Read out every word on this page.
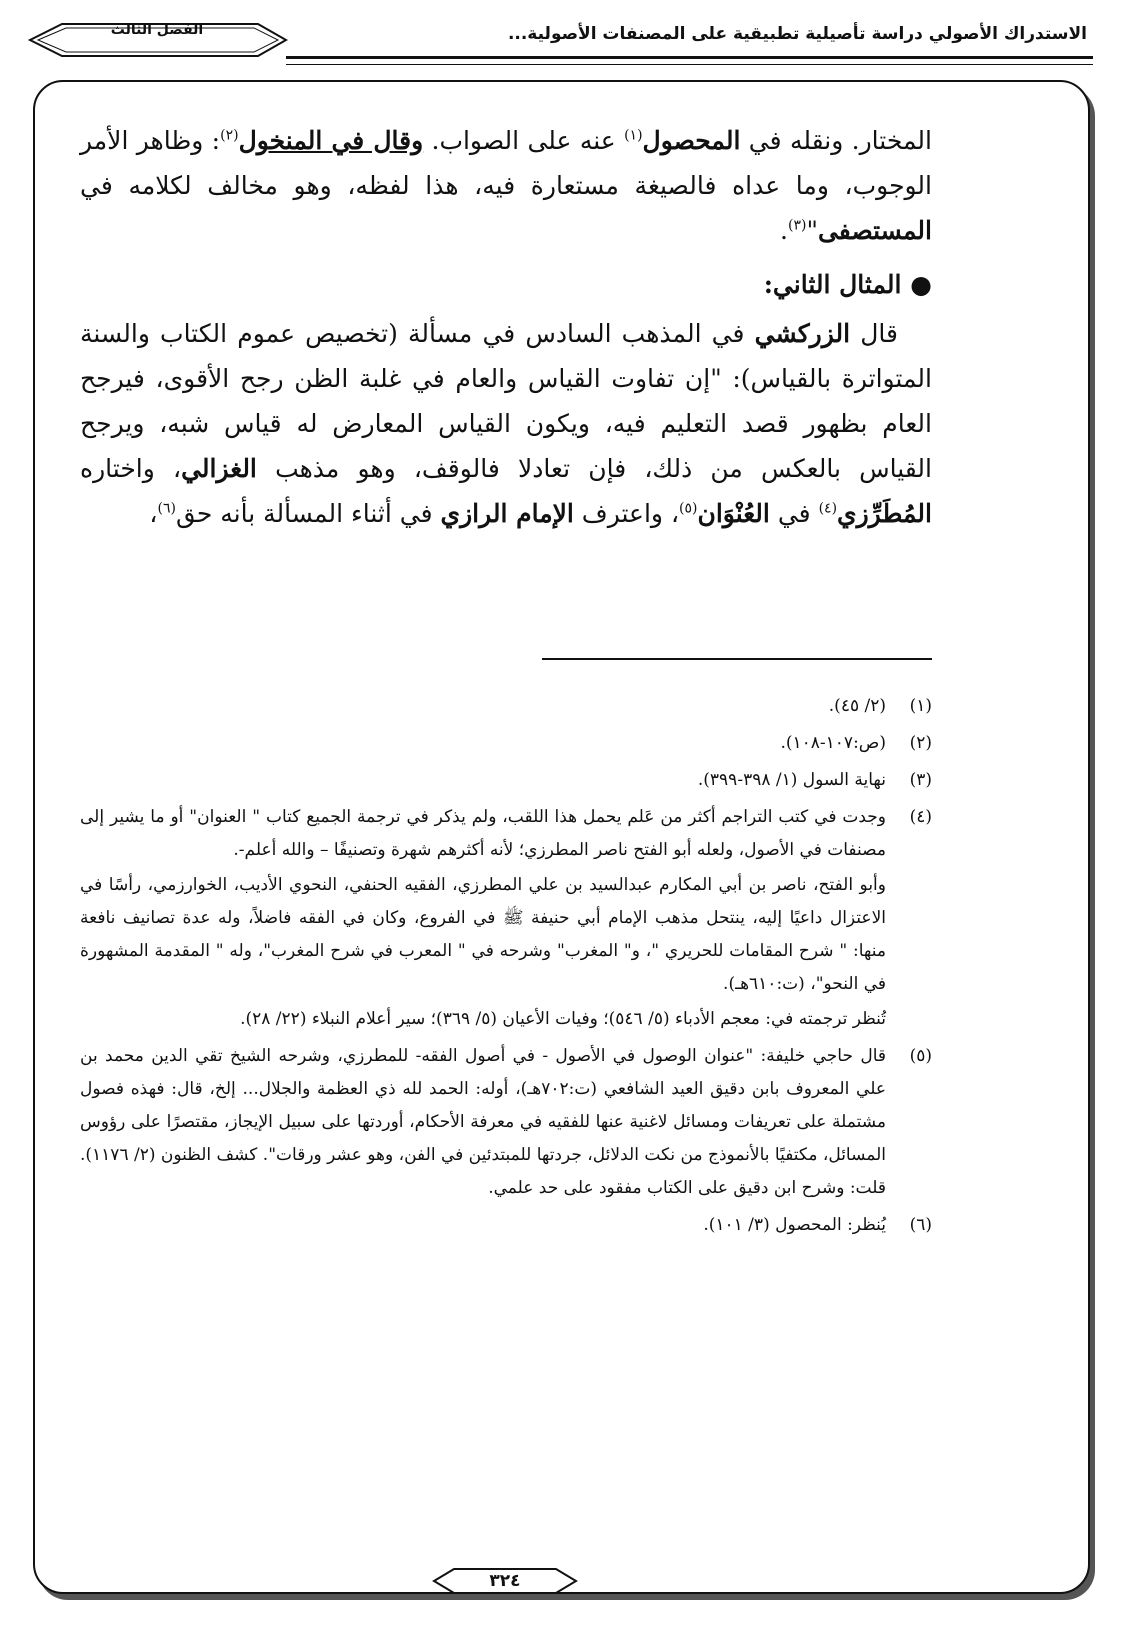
الاستدراك الأصولي دراسة تأصيلية تطبيقية على المصنفات الأصولية...
الفصل الثالث

المختار. ونقله في المحصول$^{(١)}$ عنه على الصواب. وقال في المنخول$^{(٢)}$: وظاهر الأمر الوجوب، وما عداه فالصيغة مستعارة فيه، هذا لفظه، وهو مخالف لكلامه في المستصفى"$^{(٣)}$.

● المثال الثاني:

قال الزركشي في المذهب السادس في مسألة (تخصيص عموم الكتاب والسنة المتواترة بالقياس): "إن تفاوت القياس والعام في غلبة الظن رجح الأقوى، فيرجح العام بظهور قصد التعليم فيه، ويكون القياس المعارض له قياس شبه، ويرجح القياس بالعكس من ذلك، فإن تعادلا فالوقف، وهو مذهب الغزالي، واختاره المُطَرِّزي$^{(٤)}$ في العُنْوَان$^{(٥)}$، واعترف الإمام الرازي في أثناء المسألة بأنه حق$^{(٦)}$،

(١)

(٢/ ٤٥).

(٢)

(ص:١٠٧-١٠٨).

(٣)

نهاية السول (١/ ٣٩٨-٣٩٩).

(٤)

وجدت في كتب التراجم أكثر من عَلم يحمل هذا اللقب، ولم يذكر في ترجمة الجميع كتاب " العنوان" أو ما يشير إلى مصنفات في الأصول، ولعله أبو الفتح ناصر المطرزي؛ لأنه أكثرهم شهرة وتصنيفًا – والله أعلم-.

وأبو الفتح، ناصر بن أبي المكارم عبدالسيد بن علي المطرزي، الفقيه الحنفي، النحوي الأديب، الخوارزمي، رأسًا في الاعتزال داعيًا إليه، ينتحل مذهب الإمام أبي حنيفة ﷺ في الفروع، وكان في الفقه فاضلاً، وله عدة تصانيف نافعة منها: " شرح المقامات للحريري "، و" المغرب" وشرحه في " المعرب في شرح المغرب"، وله " المقدمة المشهورة في النحو"، (ت:٦١٠هـ).

تُنظر ترجمته في: معجم الأدباء (٥/ ٥٤٦)؛ وفيات الأعيان (٥/ ٣٦٩)؛ سير أعلام النبلاء (٢٢/ ٢٨).

(٥)

قال حاجي خليفة: "عنوان الوصول في الأصول - في أصول الفقه- للمطرزي، وشرحه الشيخ تقي الدين محمد بن علي المعروف بابن دقيق العيد الشافعي (ت:٧٠٢هـ)، أوله: الحمد لله ذي العظمة والجلال... إلخ، قال: فهذه فصول مشتملة على تعريفات ومسائل لاغنية عنها للفقيه في معرفة الأحكام، أوردتها على سبيل الإيجاز، مقتصرًا على رؤوس المسائل، مكتفيًا بالأنموذج من نكت الدلائل، جردتها للمبتدئين في الفن، وهو عشر ورقات". كشف الظنون (٢/ ١١٧٦). قلت: وشرح ابن دقيق على الكتاب مفقود على حد علمي.

(٦)

يُنظر: المحصول (٣/ ١٠١).

٣٢٤
